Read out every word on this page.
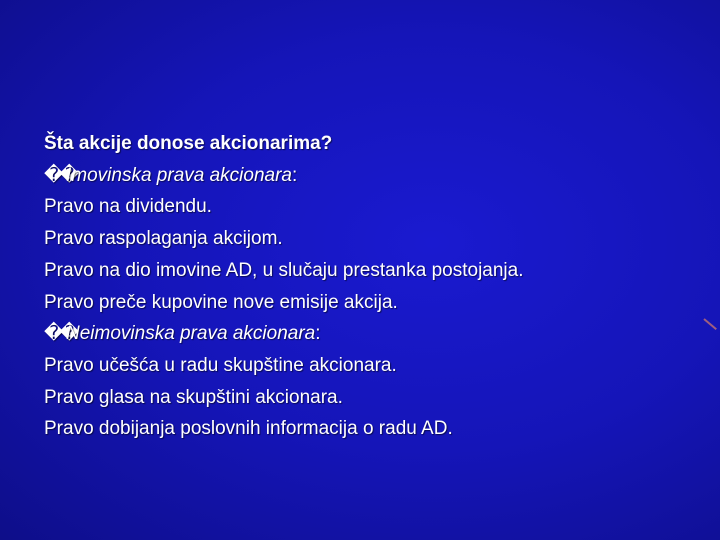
Šta akcije donose akcionarima?
��Imovinska prava akcionara:
Pravo na dividendu.
Pravo raspolaganja akcijom.
Pravo na dio imovine AD, u slučaju prestanka postojanja.
Pravo preče kupovine nove emisije akcija.
��Neimovinska prava akcionara:
Pravo učešća u radu skupštine akcionara.
Pravo glasa na skupštini akcionara.
Pravo dobijanja poslovnih informacija o radu AD.
